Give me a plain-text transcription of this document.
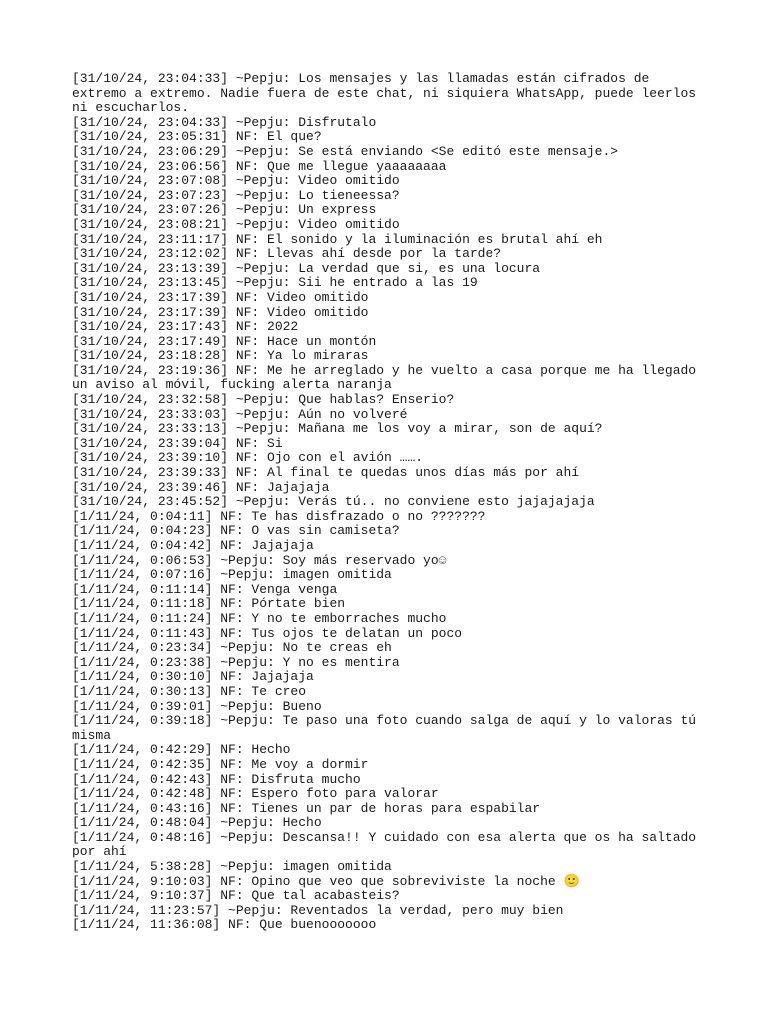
[31/10/24, 23:04:33] ~Pepju: Los mensajes y las llamadas están cifrados de extremo a extremo. Nadie fuera de este chat, ni siquiera WhatsApp, puede leerlos ni escucharlos.
[31/10/24, 23:04:33] ~Pepju: Disfrutalo
[31/10/24, 23:05:31] NF: El que?
[31/10/24, 23:06:29] ~Pepju: Se está enviando <Se editó este mensaje.>
[31/10/24, 23:06:56] NF: Que me llegue yaaaaaaaa
[31/10/24, 23:07:08] ~Pepju: Video omitido
[31/10/24, 23:07:23] ~Pepju: Lo tieneessa?
[31/10/24, 23:07:26] ~Pepju: Un express
[31/10/24, 23:08:21] ~Pepju: Video omitido
[31/10/24, 23:11:17] NF: El sonido y la iluminación es brutal ahí eh
[31/10/24, 23:12:02] NF: Llevas ahí desde por la tarde?
[31/10/24, 23:13:39] ~Pepju: La verdad que si, es una locura
[31/10/24, 23:13:45] ~Pepju: Sii he entrado a las 19
[31/10/24, 23:17:39] NF: Video omitido
[31/10/24, 23:17:39] NF: Video omitido
[31/10/24, 23:17:43] NF: 2022
[31/10/24, 23:17:49] NF: Hace un montón
[31/10/24, 23:18:28] NF: Ya lo miraras
[31/10/24, 23:19:36] NF: Me he arreglado y he vuelto a casa porque me ha llegado un aviso al móvil, fucking alerta naranja
[31/10/24, 23:32:58] ~Pepju: Que hablas? Enserio?
[31/10/24, 23:33:03] ~Pepju: Aún no volveré
[31/10/24, 23:33:13] ~Pepju: Mañana me los voy a mirar, son de aquí?
[31/10/24, 23:39:04] NF: Si
[31/10/24, 23:39:10] NF: Ojo con el avión …….
[31/10/24, 23:39:33] NF: Al final te quedas unos días más por ahí
[31/10/24, 23:39:46] NF: Jajajaja
[31/10/24, 23:45:52] ~Pepju: Verás tú.. no conviene esto jajajajaja
[1/11/24, 0:04:11] NF: Te has disfrazado o no ???????
[1/11/24, 0:04:23] NF: O vas sin camiseta?
[1/11/24, 0:04:42] NF: Jajajaja
[1/11/24, 0:06:53] ~Pepju: Soy más reservado yo☺
[1/11/24, 0:07:16] ~Pepju: imagen omitida
[1/11/24, 0:11:14] NF: Venga venga
[1/11/24, 0:11:18] NF: Pórtate bien
[1/11/24, 0:11:24] NF: Y no te emborraches mucho
[1/11/24, 0:11:43] NF: Tus ojos te delatan un poco
[1/11/24, 0:23:34] ~Pepju: No te creas eh
[1/11/24, 0:23:38] ~Pepju: Y no es mentira
[1/11/24, 0:30:10] NF: Jajajaja
[1/11/24, 0:30:13] NF: Te creo
[1/11/24, 0:39:01] ~Pepju: Bueno
[1/11/24, 0:39:18] ~Pepju: Te paso una foto cuando salga de aquí y lo valoras tú misma
[1/11/24, 0:42:29] NF: Hecho
[1/11/24, 0:42:35] NF: Me voy a dormir
[1/11/24, 0:42:43] NF: Disfruta mucho
[1/11/24, 0:42:48] NF: Espero foto para valorar
[1/11/24, 0:43:16] NF: Tienes un par de horas para espabilar
[1/11/24, 0:48:04] ~Pepju: Hecho
[1/11/24, 0:48:16] ~Pepju: Descansa!! Y cuidado con esa alerta que os ha saltado por ahí
[1/11/24, 5:38:28] ~Pepju: imagen omitida
[1/11/24, 9:10:03] NF: Opino que veo que sobreviviste la noche 🙂
[1/11/24, 9:10:37] NF: Que tal acabasteis?
[1/11/24, 11:23:57] ~Pepju: Reventados la verdad, pero muy bien
[1/11/24, 11:36:08] NF: Que buenooooooo
